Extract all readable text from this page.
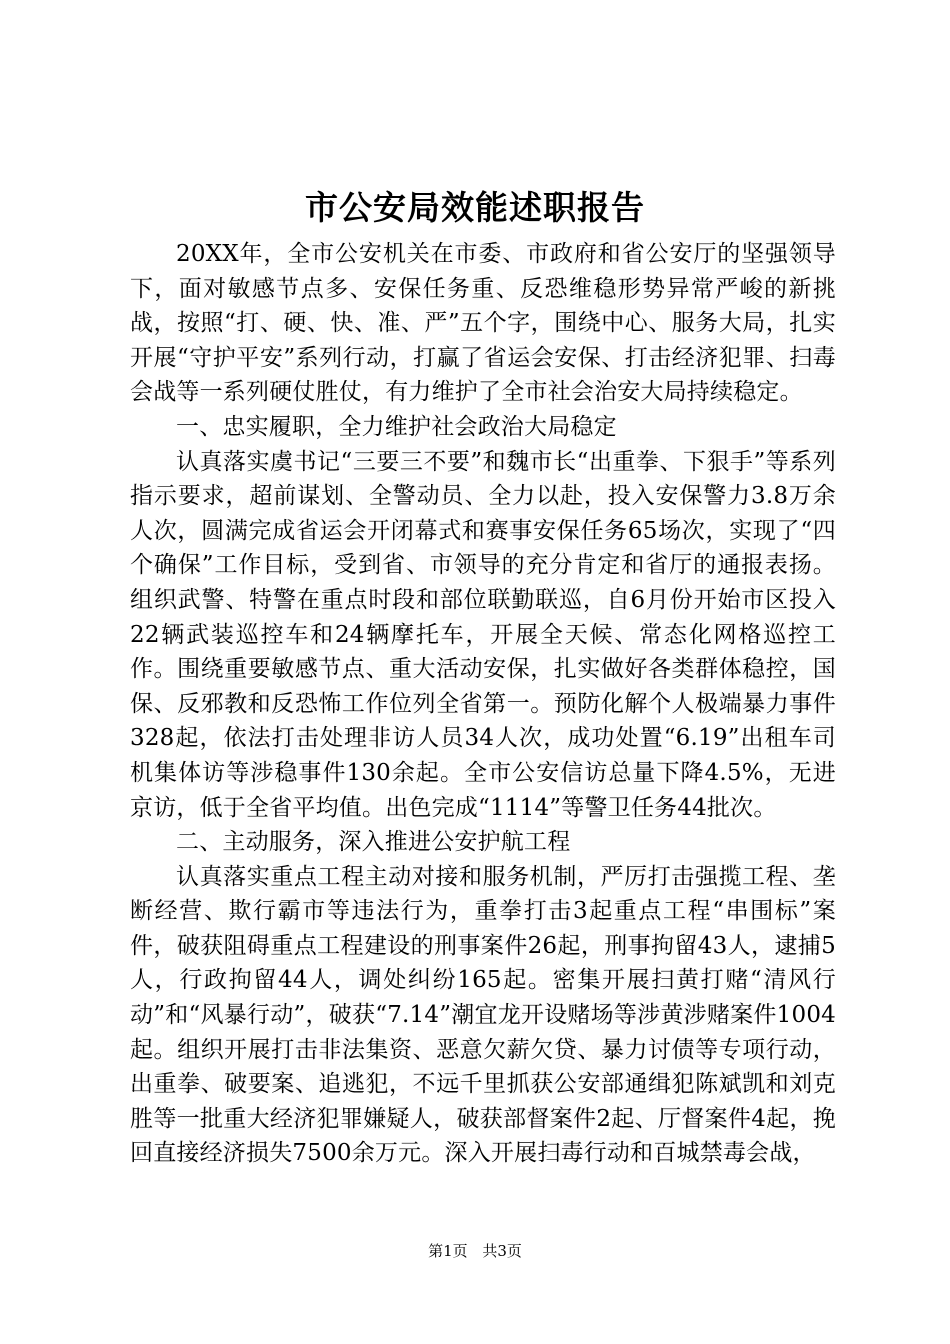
市公安局效能述职报告

20XX年，全市公安机关在市委、市政府和省公安厅的坚强领导下，面对敏感节点多、安保任务重、反恐维稳形势异常严峻的新挑战，按照“打、硬、快、准、严”五个字，围绕中心、服务大局，扎实开展“守护平安”系列行动，打赢了省运会安保、打击经济犯罪、扫毒会战等一系列硬仗胜仗，有力维护了全市社会治安大局持续稳定。

一、忠实履职，全力维护社会政治大局稳定

认真落实虞书记“三要三不要”和魏市长“出重拳、下狠手”等系列指示要求，超前谋划、全警动员、全力以赴，投入安保警力3.8万余人次，圆满完成省运会开闭幕式和赛事安保任务65场次，实现了“四个确保”工作目标，受到省、市领导的充分肯定和省厅的通报表扬。组织武警、特警在重点时段和部位联勤联巡，自6月份开始市区投入22辆武装巡控车和24辆摩托车，开展全天候、常态化网格巡控工作。围绕重要敏感节点、重大活动安保，扎实做好各类群体稳控，国保、反邪教和反恐怖工作位列全省第一。预防化解个人极端暴力事件328起，依法打击处理非访人员34人次，成功处置“6.19”出租车司机集体访等涉稳事件130余起。全市公安信访总量下降4.5%，无进京访，低于全省平均值。出色完成“1114”等警卫任务44批次。

二、主动服务，深入推进公安护航工程

认真落实重点工程主动对接和服务机制，严厉打击强揽工程、垄断经营、欺行霸市等违法行为，重拳打击3起重点工程“串围标”案件，破获阻碍重点工程建设的刑事案件26起，刑事拘留43人，逮捕5人，行政拘留44人，调处纠纷165起。密集开展扫黄打赌“清风行动”和“风暴行动”，破获“7.14”潮宜龙开设赌场等涉黄涉赌案件1004起。组织开展打击非法集资、恶意欠薪欠贷、暴力讨债等专项行动，出重拳、破要案、追逃犯，不远千里抓获公安部通缉犯陈斌凯和刘克胜等一批重大经济犯罪嫌疑人，破获部督案件2起、厅督案件4起，挽回直接经济损失7500余万元。深入开展扫毒行动和百城禁毒会战，

第1页 共3页
